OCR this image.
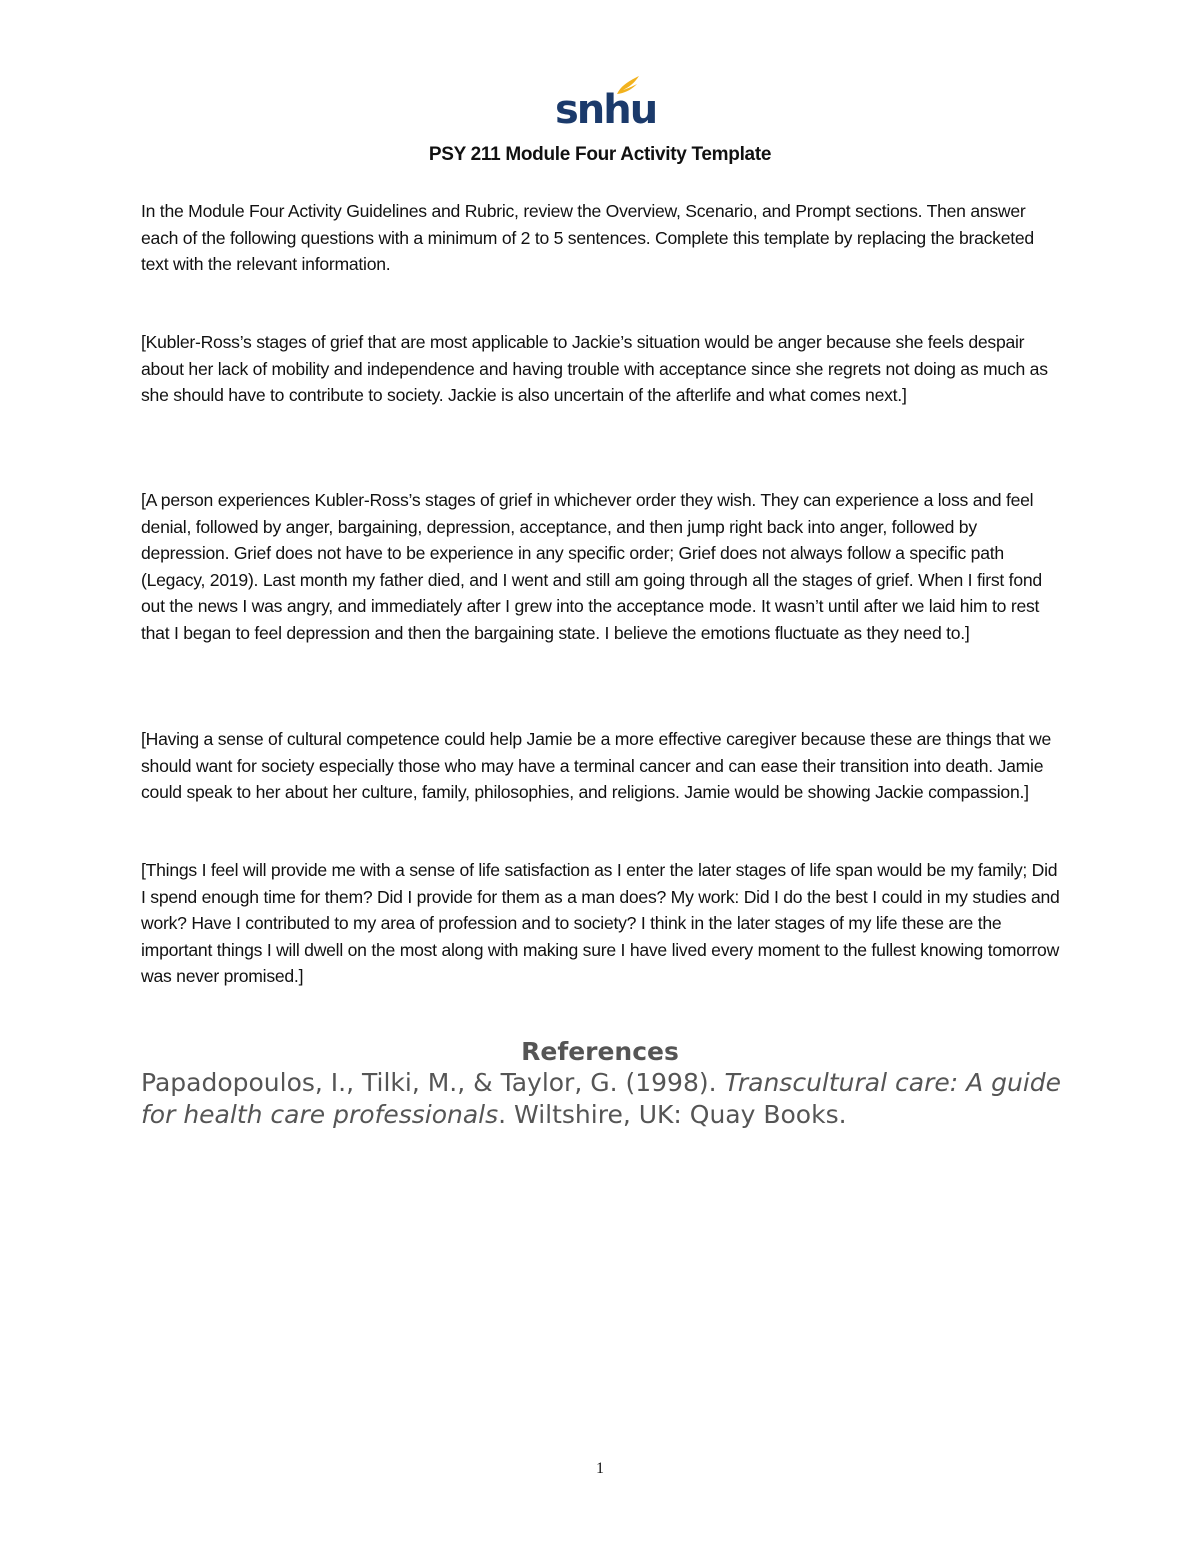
snhu
PSY 211 Module Four Activity Template

In the Module Four Activity Guidelines and Rubric, review the Overview, Scenario, and Prompt sections. Then answer each of the following questions with a minimum of 2 to 5 sentences. Complete this template by replacing the bracketed text with the relevant information.

[Kubler-Ross’s stages of grief that are most applicable to Jackie’s situation would be anger because she feels despair about her lack of mobility and independence and having trouble with acceptance since she regrets not doing as much as she should have to contribute to society. Jackie is also uncertain of the afterlife and what comes next.]

[A person experiences Kubler-Ross’s stages of grief in whichever order they wish. They can experience a loss and feel denial, followed by anger, bargaining, depression, acceptance, and then jump right back into anger, followed by depression. Grief does not have to be experience in any specific order; Grief does not always follow a specific path (Legacy, 2019). Last month my father died, and I went and still am going through all the stages of grief. When I first fond out the news I was angry, and immediately after I grew into the acceptance mode. It wasn’t until after we laid him to rest that I began to feel depression and then the bargaining state. I believe the emotions fluctuate as they need to.]

[Having a sense of cultural competence could help Jamie be a more effective caregiver because these are things that we should want for society especially those who may have a terminal cancer and can ease their transition into death. Jamie could speak to her about her culture, family, philosophies, and religions. Jamie would be showing Jackie compassion.]

[Things I feel will provide me with a sense of life satisfaction as I enter the later stages of life span would be my family; Did I spend enough time for them? Did I provide for them as a man does? My work: Did I do the best I could in my studies and work? Have I contributed to my area of profession and to society? I think in the later stages of my life these are the important things I will dwell on the most along with making sure I have lived every moment to the fullest knowing tomorrow was never promised.]

References

Papadopoulos, I., Tilki, M., & Taylor, G. (1998). Transcultural care: A guide for health care professionals. Wiltshire, UK: Quay Books.

1
